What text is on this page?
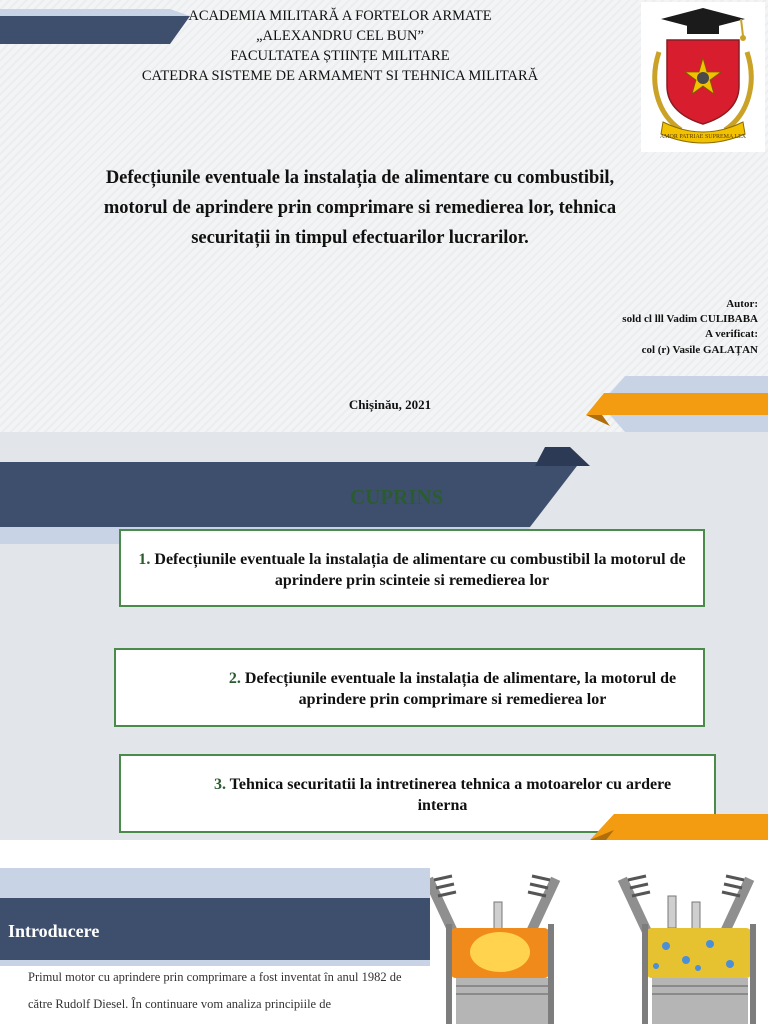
ACADEMIA MILITARĂ A FORTELOR ARMATE
„ALEXANDRU CEL BUN”
FACULTATEA ȘTIINȚE MILITARE
CATEDRA SISTEME DE ARMAMENT SI TEHNICA MILITARĂ
AMOR PATRIAE SUPREMA LEX
Defecțiunile eventuale la instalația de alimentare cu combustibil, motorul de aprindere prin comprimare si remedierea lor, tehnica securitații in timpul efectuarilor lucrarilor.
Autor:
sold cl lll Vadim CULIBABA
A verificat:
col (r) Vasile GALAȚAN
Chișinău, 2021
CUPRINS
1. Defecțiunile eventuale la instalația de alimentare cu combustibil la motorul de aprindere prin scinteie si remedierea lor
2. Defecțiunile eventuale la instalația de alimentare, la motorul de aprindere prin comprimare si remedierea lor
3. Tehnica securitatii la intretinerea tehnica a motoarelor cu ardere interna
Introducere
Primul motor cu aprindere prin comprimare a fost inventat în anul 1982 de către Rudolf Diesel. În continuare vom analiza principiile de
